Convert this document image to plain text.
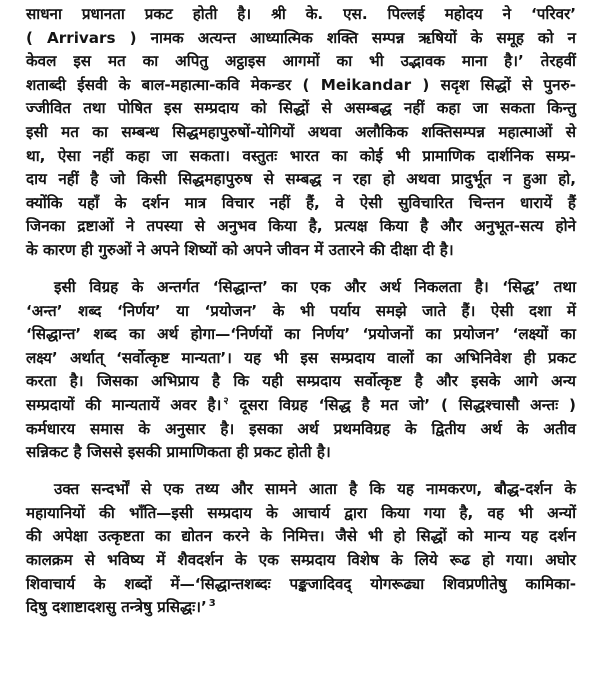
साधना प्रधानता प्रकट होती है। श्री के. एस. पिल्लई महोदय ने ‘परिवर’
( Arrivars ) नामक अत्यन्त आध्यात्मिक शक्ति सम्पन्न ऋषियों के समूह को न
केवल इस मत का अपितु अट्ठाइस आगमों का भी उद्भावक माना है।’ तेरहवीं
शताब्दी ईसवी के बाल-महात्मा-कवि मेकन्डर ( Meikandar ) सदृश सिद्धों से पुनरु-
ज्जीवित तथा पोषित इस सम्प्रदाय को सिद्धों से असम्बद्ध नहीं कहा जा सकता किन्तु
इसी मत का सम्बन्ध सिद्धमहापुरुषों-योगियों अथवा अलौकिक शक्तिसम्पन्न महात्माओं से
था, ऐसा नहीं कहा जा सकता। वस्तुतः भारत का कोई भी प्रामाणिक दार्शनिक सम्प्र-
दाय नहीं है जो किसी सिद्धमहापुरुष से सम्बद्ध न रहा हो अथवा प्रादुर्भूत न हुआ हो,
क्योंकि यहाँ के दर्शन मात्र विचार नहीं हैं, वे ऐसी सुविचारित चिन्तन धारायें हैं
जिनका द्रष्टाओं ने तपस्या से अनुभव किया है, प्रत्यक्ष किया है और अनुभूत-सत्य होने
के कारण ही गुरुओं ने अपने शिष्यों को अपने जीवन में उतारने की दीक्षा दी है।
इसी विग्रह के अन्तर्गत ‘सिद्धान्त’ का एक और अर्थ निकलता है। ‘सिद्ध’ तथा
‘अन्त’ शब्द ‘निर्णय’ या ‘प्रयोजन’ के भी पर्याय समझे जाते हैं। ऐसी दशा में
‘सिद्धान्त’ शब्द का अर्थ होगा—‘निर्णयों का निर्णय’ ‘प्रयोजनों का प्रयोजन’ ‘लक्ष्यों का
लक्ष्य’ अर्थात् ‘सर्वोत्कृष्ट मान्यता’। यह भी इस सम्प्रदाय वालों का अभिनिवेश ही प्रकट
करता है। जिसका अभिप्राय है कि यही सम्प्रदाय सर्वोत्कृष्ट है और इसके आगे अन्य
सम्प्रदायों की मान्यतायें अवर है। $^२$ दूसरा विग्रह ‘सिद्ध है मत जो’ ( सिद्धश्चासौ अन्तः )
कर्मधारय समास के अनुसार है। इसका अर्थ प्रथमविग्रह के द्वितीय अर्थ के अतीव
सन्निकट है जिससे इसकी प्रामाणिकता ही प्रकट होती है।
उक्त सन्दर्भों से एक तथ्य और सामने आता है कि यह नामकरण, बौद्ध-दर्शन के
महायानियों की भाँति—इसी सम्प्रदाय के आचार्य द्वारा किया गया है, वह भी अन्यों
की अपेक्षा उत्कृष्टता का द्योतन करने के निमित्त। जैसे भी हो सिद्धों को मान्य यह दर्शन
कालक्रम से भविष्य में शैवदर्शन के एक सम्प्रदाय विशेष के लिये रूढ हो गया। अघोर
शिवाचार्य के शब्दों में—‘सिद्धान्तशब्दः पङ्कजादिवद् योगरूढ्या शिवप्रणीतेषु कामिका-
दिषु दशाष्टादशसु तन्त्रेषु प्रसिद्धः।’ $^3$
